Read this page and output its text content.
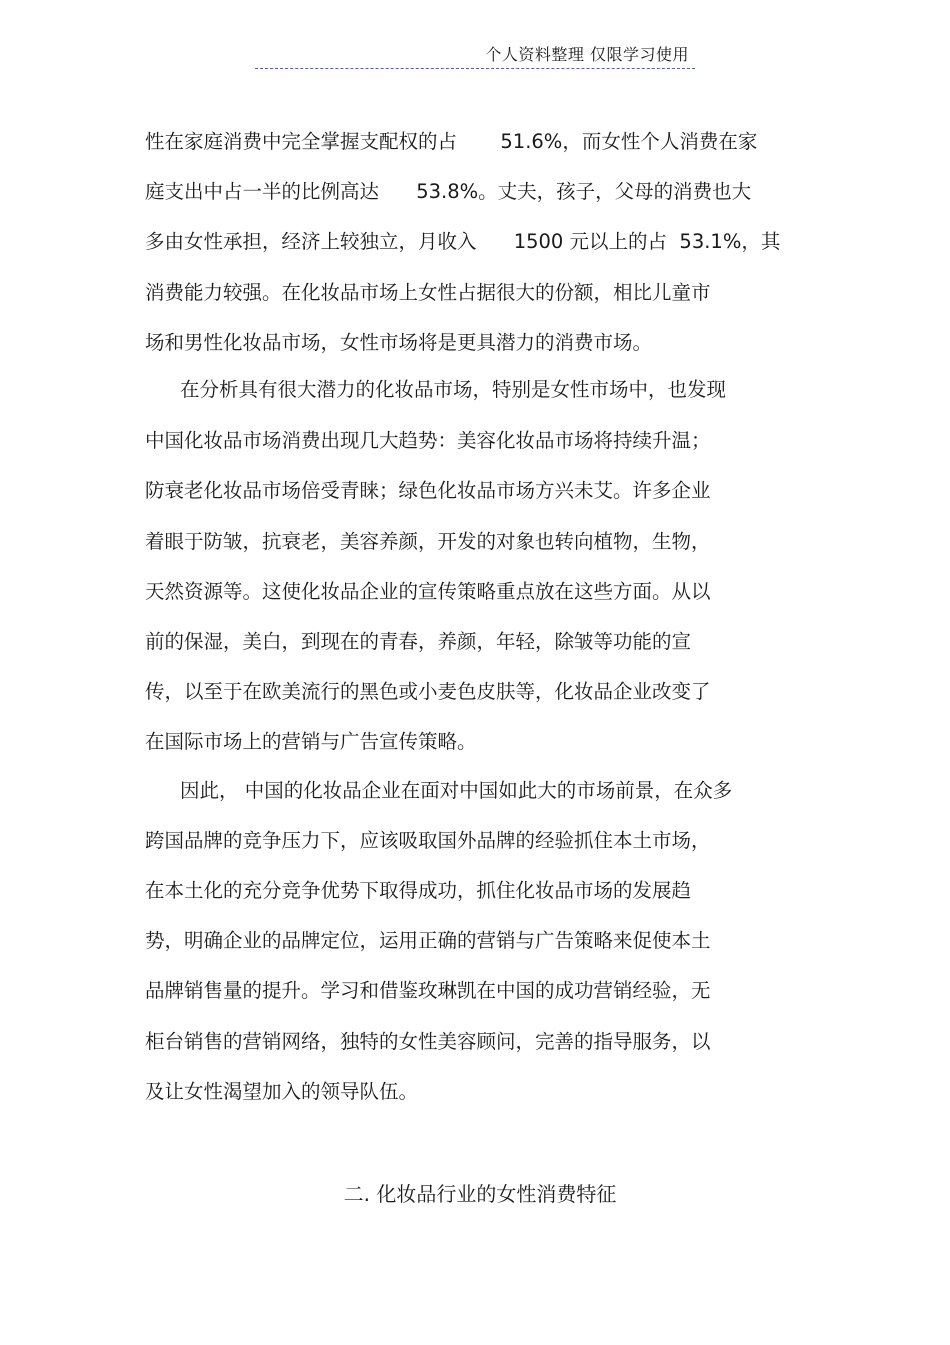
个人资料整理 仅限学习使用
性在家庭消费中完全掌握支配权的占       51.6%，而女性个人消费在家
庭支出中占一半的比例高达      53.8%。丈夫，孩子，父母的消费也大
多由女性承担，经济上较独立，月收入      1500 元以上的占  53.1%，其
消费能力较强。在化妆品市场上女性占据很大的份额，相比儿童市
场和男性化妆品市场，女性市场将是更具潜力的消费市场。
在分析具有很大潜力的化妆品市场，特别是女性市场中，也发现
中国化妆品市场消费出现几大趋势：美容化妆品市场将持续升温；
防衰老化妆品市场倍受青睐；绿色化妆品市场方兴未艾。许多企业
着眼于防皱，抗衰老，美容养颜，开发的对象也转向植物，生物，
天然资源等。这使化妆品企业的宣传策略重点放在这些方面。从以
前的保湿，美白，到现在的青春，养颜，年轻，除皱等功能的宣
传，以至于在欧美流行的黑色或小麦色皮肤等，化妆品企业改变了
在国际市场上的营销与广告宣传策略。
因此， 中国的化妆品企业在面对中国如此大的市场前景，在众多
跨国品牌的竞争压力下，应该吸取国外品牌的经验抓住本土市场，
在本土化的充分竞争优势下取得成功，抓住化妆品市场的发展趋
势，明确企业的品牌定位，运用正确的营销与广告策略来促使本土
品牌销售量的提升。学习和借鉴玫琳凯在中国的成功营销经验，无
柜台销售的营销网络，独特的女性美容顾问，完善的指导服务，以
及让女性渴望加入的领导队伍。
二. 化妆品行业的女性消费特征
